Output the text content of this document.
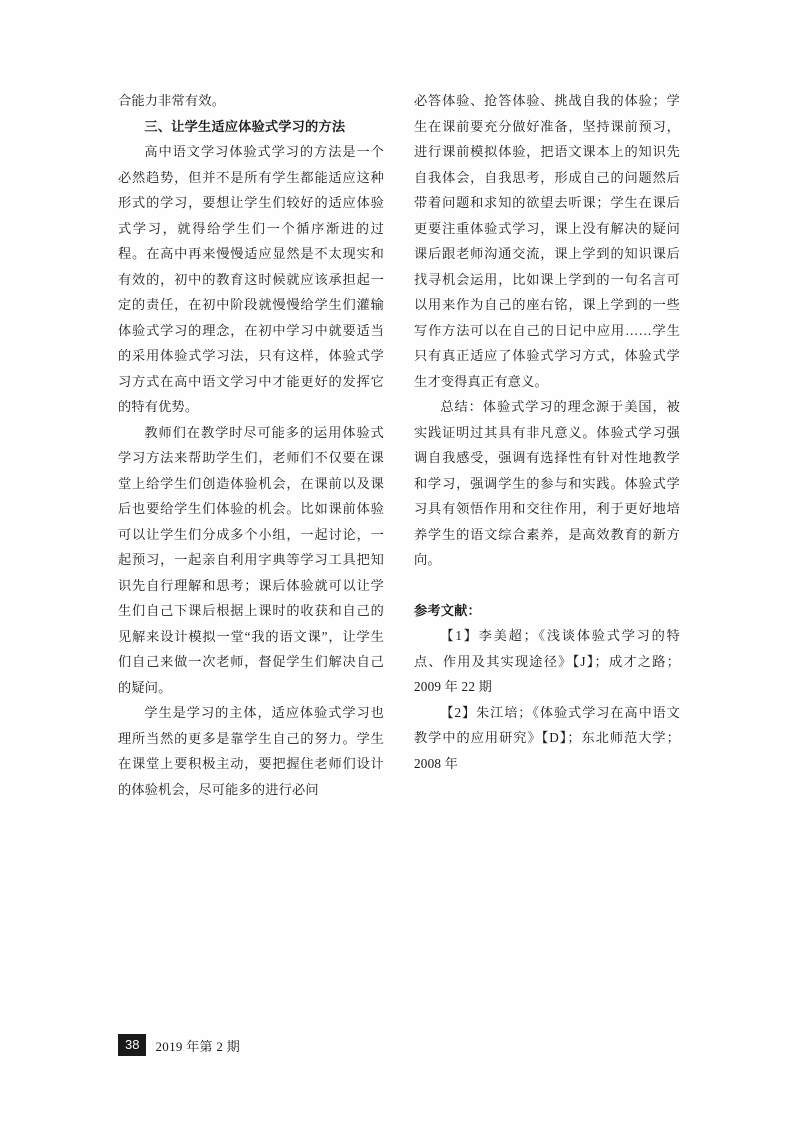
合能力非常有效。

三、让学生适应体验式学习的方法

高中语文学习体验式学习的方法是一个必然趋势，但并不是所有学生都能适应这种形式的学习，要想让学生们较好的适应体验式学习，就得给学生们一个循序渐进的过程。在高中再来慢慢适应显然是不太现实和有效的，初中的教育这时候就应该承担起一定的责任，在初中阶段就慢慢给学生们灌输体验式学习的理念，在初中学习中就要适当的采用体验式学习法，只有这样，体验式学习方式在高中语文学习中才能更好的发挥它的特有优势。

教师们在教学时尽可能多的运用体验式学习方法来帮助学生们，老师们不仅要在课堂上给学生们创造体验机会，在课前以及课后也要给学生们体验的机会。比如课前体验可以让学生们分成多个小组，一起讨论，一起预习，一起亲自利用字典等学习工具把知识先自行理解和思考；课后体验就可以让学生们自己下课后根据上课时的收获和自己的见解来设计模拟一堂“我的语文课”，让学生们自己来做一次老师，督促学生们解决自己的疑问。

学生是学习的主体，适应体验式学习也理所当然的更多是靠学生自己的努力。学生在课堂上要积极主动，要把握住老师们设计的体验机会，尽可能多的进行必问

必答体验、抢答体验、挑战自我的体验；学生在课前要充分做好准备，坚持课前预习，进行课前模拟体验，把语文课本上的知识先自我体会，自我思考，形成自己的问题然后带着问题和求知的欲望去听课；学生在课后更要注重体验式学习，课上没有解决的疑问课后跟老师沟通交流，课上学到的知识课后找寻机会运用，比如课上学到的一句名言可以用来作为自己的座右铭，课上学到的一些写作方法可以在自己的日记中应用……学生只有真正适应了体验式学习方式，体验式学生才变得真正有意义。

总结：体验式学习的理念源于美国，被实践证明过其具有非凡意义。体验式学习强调自我感受，强调有选择性有针对性地教学和学习，强调学生的参与和实践。体验式学习具有领悟作用和交往作用，利于更好地培养学生的语文综合素养，是高效教育的新方向。

参考文献：

【1】李美超；《浅谈体验式学习的特点、作用及其实现途径》【J】；成才之路；2009 年 22 期

【2】朱江培；《体验式学习在高中语文教学中的应用研究》【D】；东北师范大学；2008 年

38	2019 年第 2 期
